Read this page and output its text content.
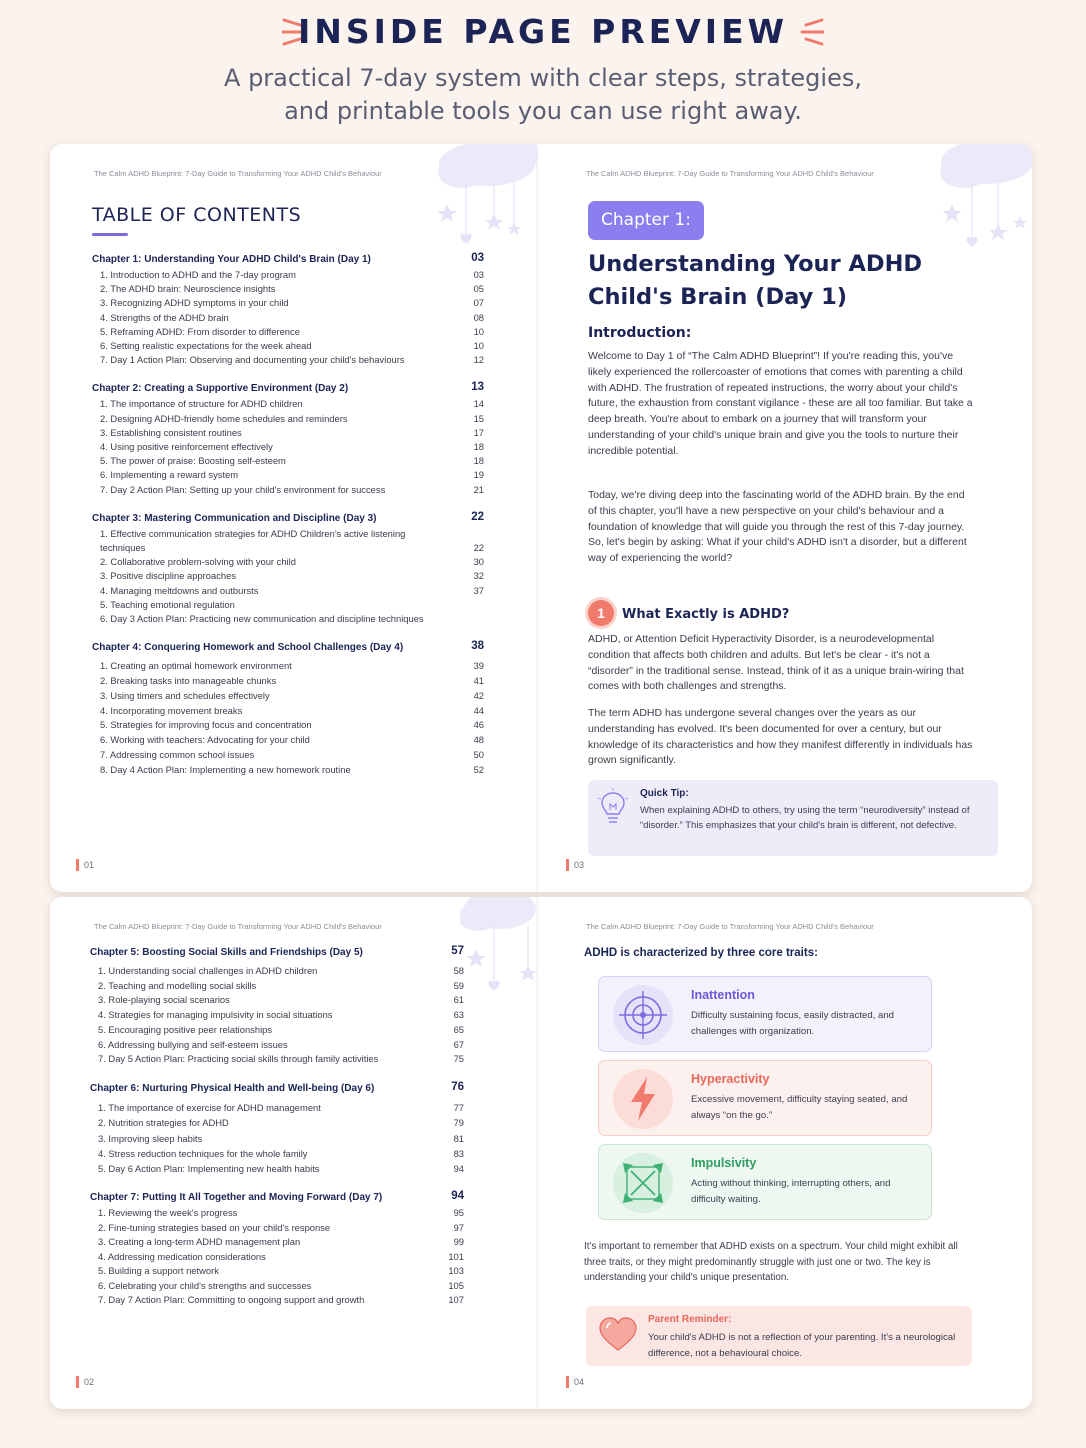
INSIDE PAGE PREVIEW
A practical 7-day system with clear steps, strategies,
and printable tools you can use right away.
The Calm ADHD Blueprint: 7-Day Guide to Transforming Your ADHD Child's Behaviour
TABLE OF CONTENTS
Chapter 1: Understanding Your ADHD Child's Brain (Day 1)	03
1. Introduction to ADHD and the 7-day program	03
2. The ADHD brain: Neuroscience insights	05
3. Recognizing ADHD symptoms in your child	07
4. Strengths of the ADHD brain	08
5. Reframing ADHD: From disorder to difference	10
6. Setting realistic expectations for the week ahead	10
7. Day 1 Action Plan: Observing and documenting your child's behaviours	12
Chapter 2: Creating a Supportive Environment (Day 2)	13
1. The importance of structure for ADHD children	14
2. Designing ADHD-friendly home schedules and reminders	15
3. Establishing consistent routines	17
4. Using positive reinforcement effectively	18
5. The power of praise: Boosting self-esteem	18
6. Implementing a reward system	19
7. Day 2 Action Plan: Setting up your child's environment for success	21
Chapter 3: Mastering Communication and Discipline (Day 3)	22
1. Effective communication strategies for ADHD Children's active listening techniques	22
2. Collaborative problem-solving with your child	30
3. Positive discipline approaches	32
4. Managing meltdowns and outbursts	37
5. Teaching emotional regulation
6. Day 3 Action Plan: Practicing new communication and discipline techniques
Chapter 4: Conquering Homework and School Challenges (Day 4)	38
1. Creating an optimal homework environment	39
2. Breaking tasks into manageable chunks	41
3. Using timers and schedules effectively	42
4. Incorporating movement breaks	44
5. Strategies for improving focus and concentration	46
6. Working with teachers: Advocating for your child	48
7. Addressing common school issues	50
8. Day 4 Action Plan: Implementing a new homework routine	52
01
The Calm ADHD Blueprint: 7-Day Guide to Transforming Your ADHD Child's Behaviour
Chapter 1:
Understanding Your ADHD Child's Brain (Day 1)
Introduction:
Welcome to Day 1 of “The Calm ADHD Blueprint”! If you're reading this, you've likely experienced the rollercoaster of emotions that comes with parenting a child with ADHD. The frustration of repeated instructions, the worry about your child's future, the exhaustion from constant vigilance - these are all too familiar. But take a deep breath. You're about to embark on a journey that will transform your understanding of your child's unique brain and give you the tools to nurture their incredible potential.
Today, we're diving deep into the fascinating world of the ADHD brain. By the end of this chapter, you'll have a new perspective on your child's behaviour and a foundation of knowledge that will guide you through the rest of this 7-day journey. So, let's begin by asking: What if your child's ADHD isn't a disorder, but a different way of experiencing the world?
1	What Exactly is ADHD?
ADHD, or Attention Deficit Hyperactivity Disorder, is a neurodevelopmental condition that affects both children and adults. But let's be clear - it's not a “disorder” in the traditional sense. Instead, think of it as a unique brain-wiring that comes with both challenges and strengths.
The term ADHD has undergone several changes over the years as our understanding has evolved. It's been documented for over a century, but our knowledge of its characteristics and how they manifest differently in individuals has grown significantly.
Quick Tip:
When explaining ADHD to others, try using the term “neurodiversity” instead of “disorder.” This emphasizes that your child's brain is different, not defective.
03
The Calm ADHD Blueprint: 7-Day Guide to Transforming Your ADHD Child's Behaviour
Chapter 5: Boosting Social Skills and Friendships (Day 5)	57
1. Understanding social challenges in ADHD children	58
2. Teaching and modelling social skills	59
3. Role-playing social scenarios	61
4. Strategies for managing impulsivity in social situations	63
5. Encouraging positive peer relationships	65
6. Addressing bullying and self-esteem issues	67
7. Day 5 Action Plan: Practicing social skills through family activities	75
Chapter 6: Nurturing Physical Health and Well-being (Day 6)	76
1. The importance of exercise for ADHD management	77
2. Nutrition strategies for ADHD	79
3. Improving sleep habits	81
4. Stress reduction techniques for the whole family	83
5. Day 6 Action Plan: Implementing new health habits	94
Chapter 7: Putting It All Together and Moving Forward (Day 7)	94
1. Reviewing the week's progress	95
2. Fine-tuning strategies based on your child's response	97
3. Creating a long-term ADHD management plan	99
4. Addressing medication considerations	101
5. Building a support network	103
6. Celebrating your child's strengths and successes	105
7. Day 7 Action Plan: Committing to ongoing support and growth	107
02
The Calm ADHD Blueprint: 7-Day Guide to Transforming Your ADHD Child's Behaviour
ADHD is characterized by three core traits:
Inattention
Difficulty sustaining focus, easily distracted, and challenges with organization.
Hyperactivity
Excessive movement, difficulty staying seated, and always “on the go.”
Impulsivity
Acting without thinking, interrupting others, and difficulty waiting.
It's important to remember that ADHD exists on a spectrum. Your child might exhibit all three traits, or they might predominantly struggle with just one or two. The key is understanding your child's unique presentation.
Parent Reminder:
Your child's ADHD is not a reflection of your parenting. It's a neurological difference, not a behavioural choice.
04
